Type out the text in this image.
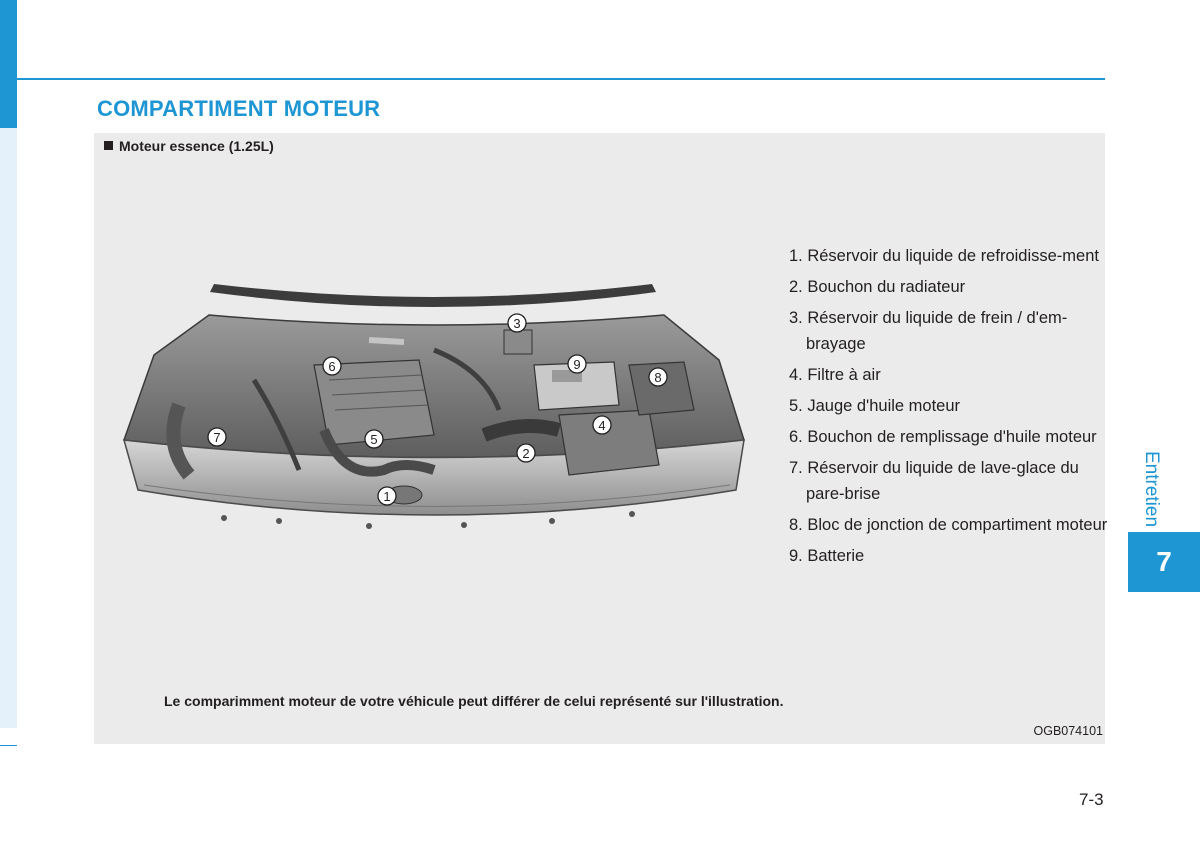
COMPARTIMENT MOTEUR
Moteur essence (1.25L)
1
2
3
4
5
6
7
8
9
1. Réservoir du liquide de refroidisse-ment
2. Bouchon du radiateur
3. Réservoir du liquide de frein / d'em-brayage
4. Filtre à air
5. Jauge d'huile moteur
6. Bouchon de remplissage d'huile moteur
7. Réservoir du liquide de lave-glace du pare-brise
8. Bloc de jonction de compartiment moteur
9. Batterie
Le comparimment moteur de votre véhicule peut différer de celui représenté sur l'illustration.
OGB074101
Entretien
7
7-3
